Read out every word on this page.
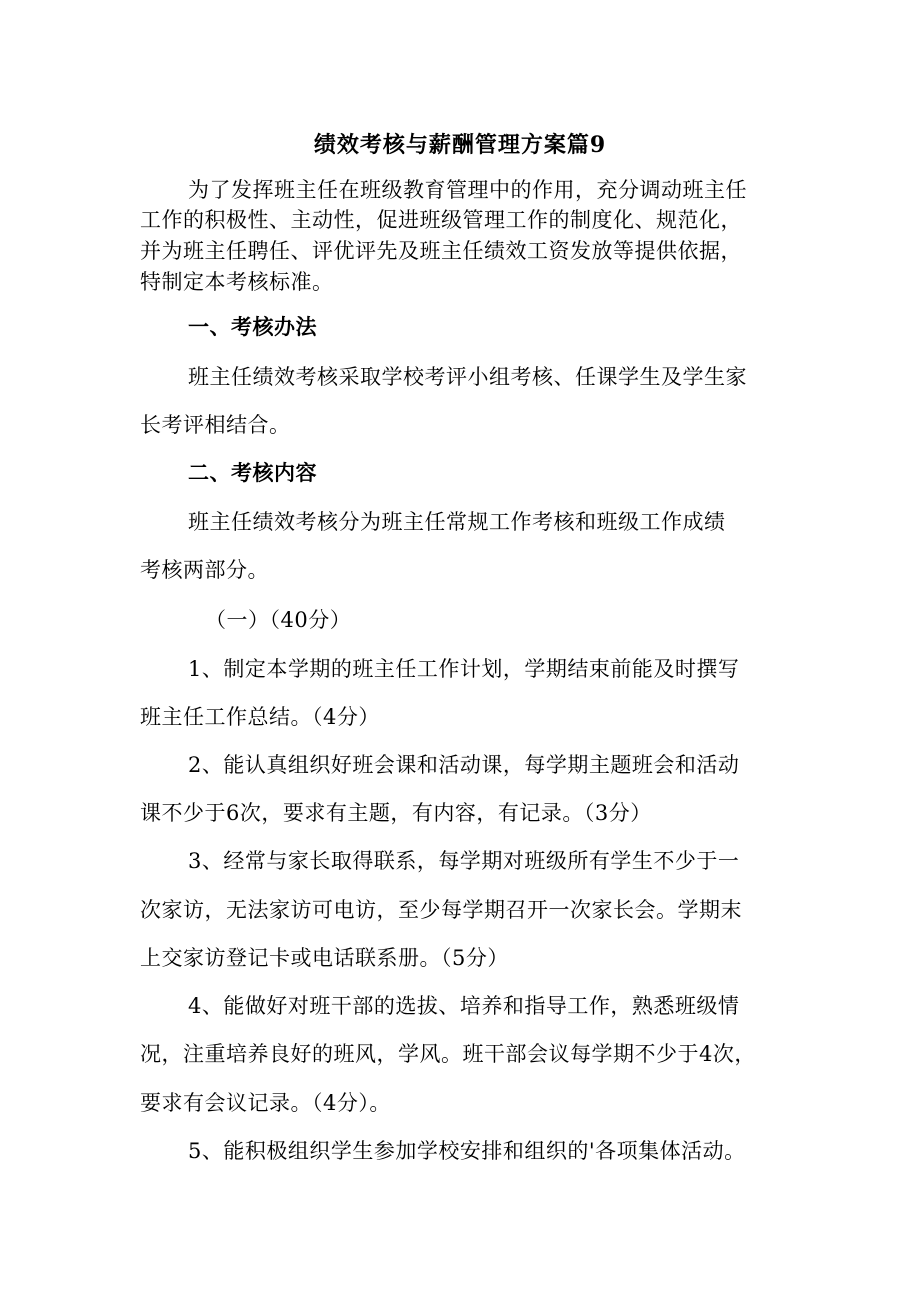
绩效考核与薪酬管理方案篇9
为了发挥班主任在班级教育管理中的作用，充分调动班主任
工作的积极性、主动性，促进班级管理工作的制度化、规范化，
并为班主任聘任、评优评先及班主任绩效工资发放等提供依据，
特制定本考核标准。
一、考核办法
班主任绩效考核采取学校考评小组考核、任课学生及学生家
长考评相结合。
二、考核内容
班主任绩效考核分为班主任常规工作考核和班级工作成绩
考核两部分。
（一）（40分）
1、制定本学期的班主任工作计划，学期结束前能及时撰写
班主任工作总结。（4分）
2、能认真组织好班会课和活动课，每学期主题班会和活动
课不少于6次，要求有主题，有内容，有记录。（3分）
3、经常与家长取得联系，每学期对班级所有学生不少于一
次家访，无法家访可电访，至少每学期召开一次家长会。学期末
上交家访登记卡或电话联系册。（5分）
4、能做好对班干部的选拔、培养和指导工作，熟悉班级情
况，注重培养良好的班风，学风。班干部会议每学期不少于4次，
要求有会议记录。（4分）。
5、能积极组织学生参加学校安排和组织的'各项集体活动。
